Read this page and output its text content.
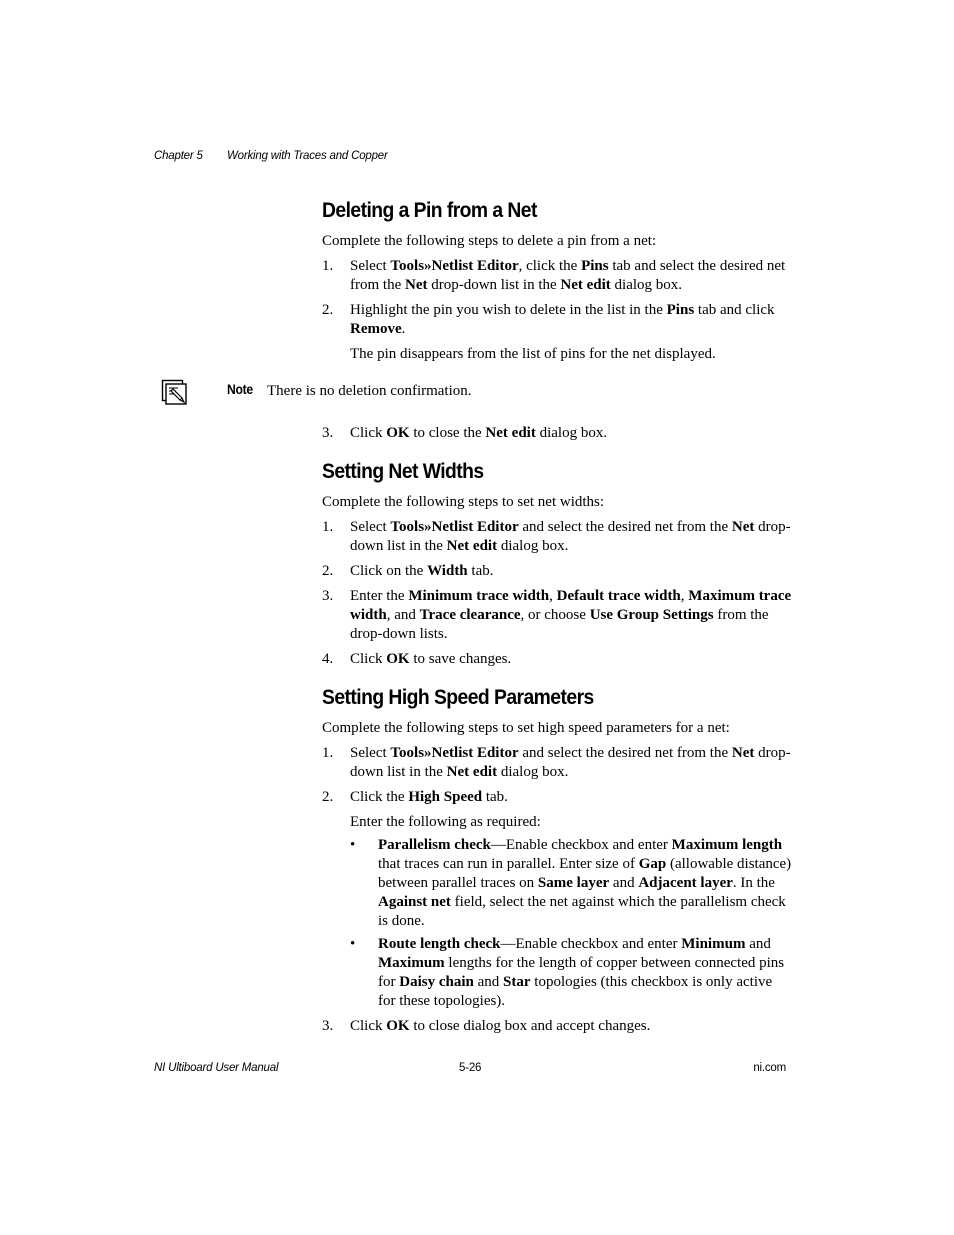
Chapter 5 Working with Traces and Copper
Deleting a Pin from a Net

Complete the following steps to delete a pin from a net:

1. Select Tools»Netlist Editor, click the Pins tab and select the desired net from the Net drop-down list in the Net edit dialog box.
2. Highlight the pin you wish to delete in the list in the Pins tab and click Remove.

The pin disappears from the list of pins for the net displayed.

3. Click OK to close the Net edit dialog box.
Setting Net Widths

Complete the following steps to set net widths:

1. Select Tools»Netlist Editor and select the desired net from the Net drop-down list in the Net edit dialog box.
2. Click on the Width tab.
3. Enter the Minimum trace width, Default trace width, Maximum trace width, and Trace clearance, or choose Use Group Settings from the drop-down lists.
4. Click OK to save changes.
Setting High Speed Parameters

Complete the following steps to set high speed parameters for a net:

1. Select Tools»Netlist Editor and select the desired net from the Net drop-down list in the Net edit dialog box.
2. Click the High Speed tab.

Enter the following as required:

• Parallelism check—Enable checkbox and enter Maximum length that traces can run in parallel. Enter size of Gap (allowable distance) between parallel traces on Same layer and Adjacent layer. In the Against net field, select the net against which the parallelism check is done.
• Route length check—Enable checkbox and enter Minimum and Maximum lengths for the length of copper between connected pins for Daisy chain and Star topologies (this checkbox is only active for these topologies).
3. Click OK to close dialog box and accept changes.
Note There is no deletion confirmation.
NI Ultiboard User Manual	5-26	ni.com
